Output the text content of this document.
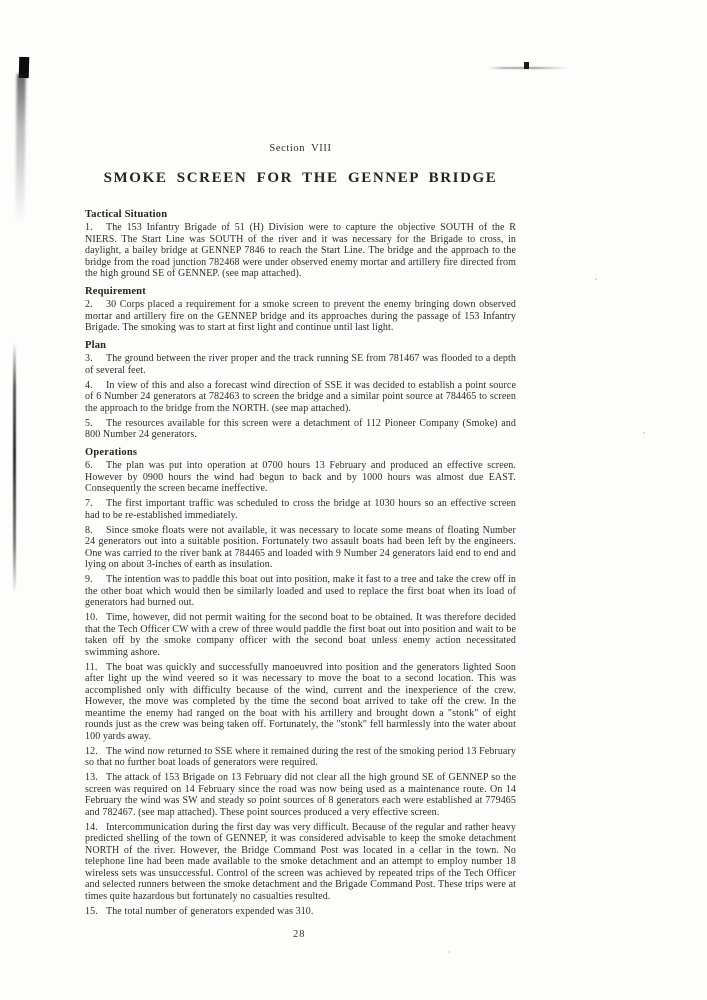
Section VIII
SMOKE SCREEN FOR THE GENNEP BRIDGE
Tactical Situation

1. The 153 Infantry Brigade of 51 (H) Division were to capture the objective SOUTH of the R NIERS. The Start Line was SOUTH of the river and it was necessary for the Brigade to cross, in daylight, a bailey bridge at GENNEP 7846 to reach the Start Line. The bridge and the approach to the bridge from the road junction 782468 were under observed enemy mortar and artillery fire directed from the high ground SE of GENNEP. (see map attached).

Requirement

2. 30 Corps placed a requirement for a smoke screen to prevent the enemy bringing down observed mortar and artillery fire on the GENNEP bridge and its approaches during the passage of 153 Infantry Brigade. The smoking was to start at first light and continue until last light.

Plan

3. The ground between the river proper and the track running SE from 781467 was flooded to a depth of several feet.

4. In view of this and also a forecast wind direction of SSE it was decided to establish a point source of 6 Number 24 generators at 782463 to screen the bridge and a similar point source at 784465 to screen the approach to the bridge from the NORTH. (see map attached).

5. The resources available for this screen were a detachment of 112 Pioneer Company (Smoke) and 800 Number 24 generators.

Operations

6. The plan was put into operation at 0700 hours 13 February and produced an effective screen. However by 0900 hours the wind had begun to back and by 1000 hours was almost due EAST. Consequently the screen became ineffective.

7. The first important traffic was scheduled to cross the bridge at 1030 hours so an effective screen had to be re-established immediately.

8. Since smoke floats were not available, it was necessary to locate some means of floating Number 24 generators out into a suitable position. Fortunately two assault boats had been left by the engineers. One was carried to the river bank at 784465 and loaded with 9 Number 24 generators laid end to end and lying on about 3-inches of earth as insulation.

9. The intention was to paddle this boat out into position, make it fast to a tree and take the crew off in the other boat which would then be similarly loaded and used to replace the first boat when its load of generators had burned out.

10. Time, however, did not permit waiting for the second boat to be obtained. It was therefore decided that the Tech Officer CW with a crew of three would paddle the first boat out into position and wait to be taken off by the smoke company officer with the second boat unless enemy action necessitated swimming ashore.

11. The boat was quickly and successfully manoeuvred into position and the generators lighted Soon after light up the wind veered so it was necessary to move the boat to a second location. This was accomplished only with difficulty because of the wind, current and the inexperience of the crew. However, the move was completed by the time the second boat arrived to take off the crew. In the meantime the enemy had ranged on the boat with his artillery and brought down a "stonk" of eight rounds just as the crew was being taken off. Fortunately, the "stonk" fell harmlessly into the water about 100 yards away.

12. The wind now returned to SSE where it remained during the rest of the smoking period 13 February so that no further boat loads of generators were required.

13. The attack of 153 Brigade on 13 February did not clear all the high ground SE of GENNEP so the screen was required on 14 February since the road was now being used as a maintenance route. On 14 February the wind was SW and steady so point sources of 8 generators each were established at 779465 and 782467. (see map attached). These point sources produced a very effective screen.

14. Intercommunication during the first day was very difficult. Because of the regular and rather heavy predicted shelling of the town of GENNEP, it was considered advisable to keep the smoke detachment NORTH of the river. However, the Bridge Command Post was located in a cellar in the town. No telephone line had been made available to the smoke detachment and an attempt to employ number 18 wireless sets was unsuccessful. Control of the screen was achieved by repeated trips of the Tech Officer and selected runners between the smoke detachment and the Brigade Command Post. These trips were at times quite hazardous but fortunately no casualties resulted.

15. The total number of generators expended was 310.

28
